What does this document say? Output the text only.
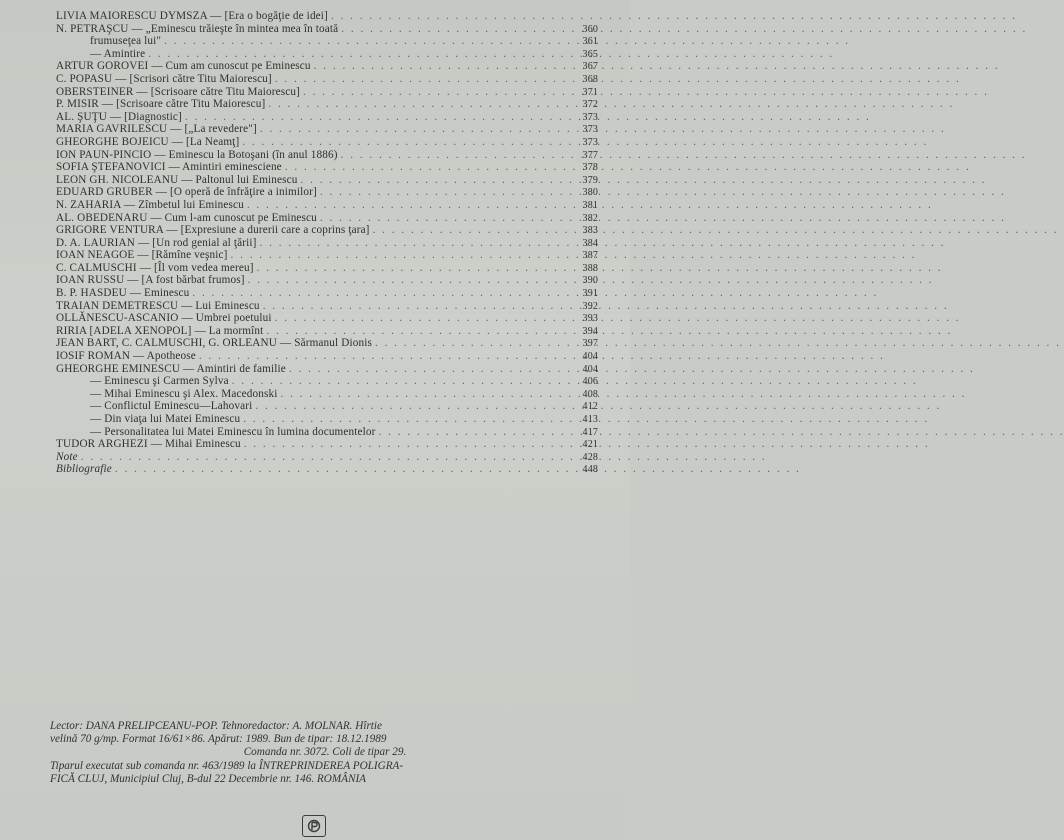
LIVIA MAIORESCU DYMSZA — [Era o bogăţie de idei]
. . .
N. PETRAŞCU — „Eminescu trăieşte în mintea mea în toată . . .	360
frumuseţea lui" . . .	361
— Amintire . . .	365
ARTUR GOROVEI — Cum am cunoscut pe Eminescu . . .	367
C. POPASU — [Scrisori către Titu Maiorescu] . . .	368
OBERSTEINER — [Scrisoare către Titu Maiorescu] . . .	371
P. MISIR — [Scrisoare către Titu Maiorescu] . . .	372
AL. ŞUŢU — [Diagnostic] . . .	373
MARIA GAVRILESCU — [„La revedere"] . . .	373
GHEORGHE BOJEICU — [La Neamţ] . . .	373
ION PAUN-PINCIO — Eminescu la Botoşani (în anul 1886) . . .	377
SOFIA ŞTEFANOVICI — Amintiri eminesciene . . .	378
LEON GH. NICOLEANU — Paltonul lui Eminescu . . .	379
EDUARD GRUBER — [O operă de înfrăţire a inimilor] . . .	380
N. ZAHARIA — Zîmbetul lui Eminescu . . .	381
AL. OBEDENARU — Cum l-am cunoscut pe Eminescu . . .	382
GRIGORE VENTURA — [Expresiune a durerii care a coprins ţara] . . .	383
D. A. LAURIAN — [Un rod genial al ţării] . . .	384
IOAN NEAGOE — [Rămîne veşnic] . . .	387
C. CALMUSCHI — [Îl vom vedea mereu] . . .	388
IOAN RUSSU — [A fost bărbat frumos] . . .	390
B. P. HASDEU — Eminescu . . .	391
TRAIAN DEMETRESCU — Lui Eminescu . . .	392
OLLĂNESCU-ASCANIO — Umbrei poetului . . .	393
RIRIA [ADELA XENOPOL] — La mormînt . . .	394
JEAN BART, C. CALMUSCHI, G. ORLEANU — Sărmanul Dionis . . .	397
IOSIF ROMAN — Apotheose . . .	404
GHEORGHE EMINESCU — Amintiri de familie . . .	404
— Eminescu şi Carmen Sylva . . .	406
— Mihai Eminescu şi Alex. Macedonski . . .	408
— Conflictul Eminescu—Lahovari . . .	412
— Din viaţa lui Matei Eminescu . . .	413
— Personalitatea lui Matei Eminescu în lumina documentelor . . .	417
TUDOR ARGHEZI — Mihai Eminescu . . .	421
Note . . .	428
Bibliografie . . .	448
Lector: DANA PRELIPCEANU-POP. Tehnoredactor: A. MOLNAR. Hîrtie
velină 70 g/mp. Format 16/61×86. Apărut: 1989. Bun de tipar: 18.12.1989
Comanda nr. 3072. Coli de tipar 29.
Tiparul executat sub comanda nr. 463/1989 la ÎNTREPRINDEREA POLIGRA-
FICĂ CLUJ, Municipiul Cluj, B-dul 22 Decembrie nr. 146. ROMÂNIA
